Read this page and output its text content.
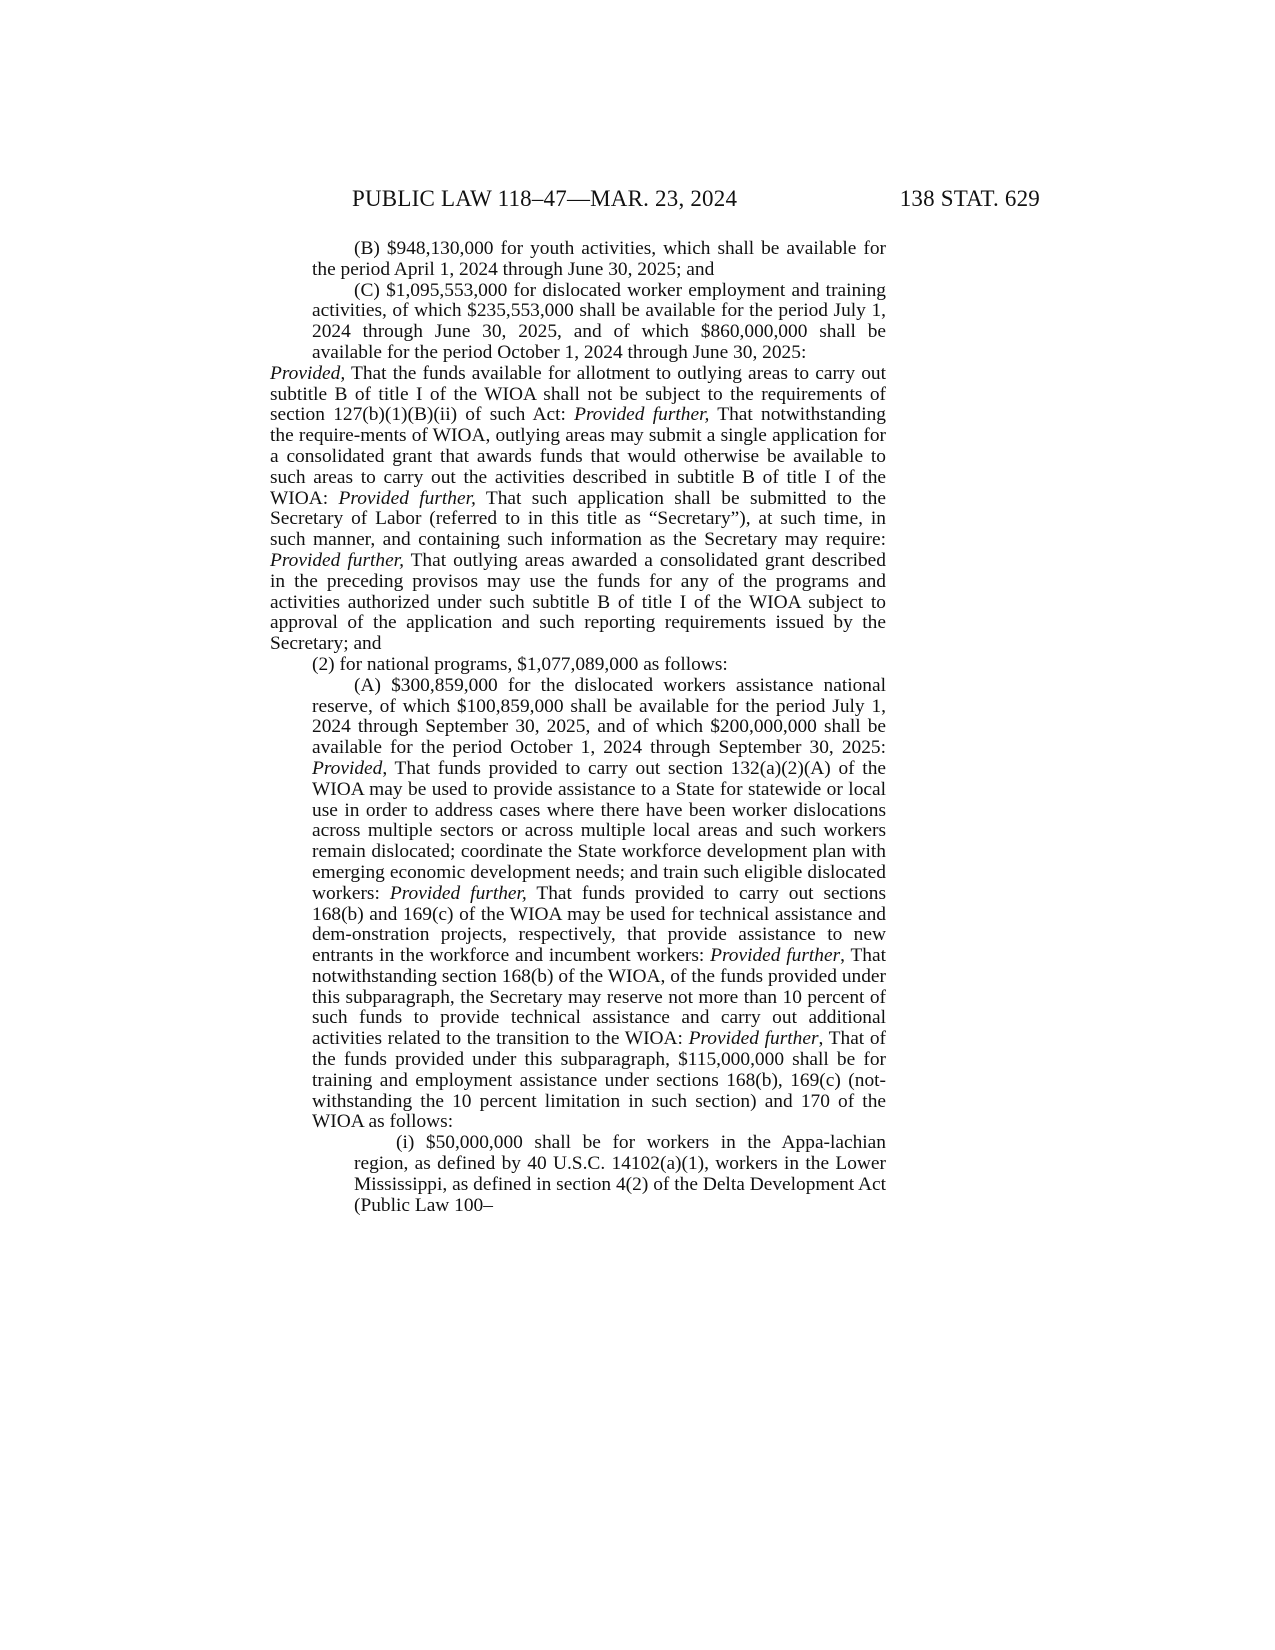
PUBLIC LAW 118–47—MAR. 23, 2024	138 STAT. 629

(B) $948,130,000 for youth activities, which shall be available for the period April 1, 2024 through June 30, 2025; and

(C) $1,095,553,000 for dislocated worker employment and training activities, of which $235,553,000 shall be available for the period July 1, 2024 through June 30, 2025, and of which $860,000,000 shall be available for the period October 1, 2024 through June 30, 2025:

Provided, That the funds available for allotment to outlying areas to carry out subtitle B of title I of the WIOA shall not be subject to the requirements of section 127(b)(1)(B)(ii) of such Act: Provided further, That notwithstanding the require-ments of WIOA, outlying areas may submit a single application for a consolidated grant that awards funds that would otherwise be available to such areas to carry out the activities described in subtitle B of title I of the WIOA: Provided further, That such application shall be submitted to the Secretary of Labor (referred to in this title as “Secretary”), at such time, in such manner, and containing such information as the Secretary may require: Provided further, That outlying areas awarded a consolidated grant described in the preceding provisos may use the funds for any of the programs and activities authorized under such subtitle B of title I of the WIOA subject to approval of the application and such reporting requirements issued by the Secretary; and

(2) for national programs, $1,077,089,000 as follows:

(A) $300,859,000 for the dislocated workers assistance national reserve, of which $100,859,000 shall be available for the period July 1, 2024 through September 30, 2025, and of which $200,000,000 shall be available for the period October 1, 2024 through September 30, 2025: Provided, That funds provided to carry out section 132(a)(2)(A) of the WIOA may be used to provide assistance to a State for statewide or local use in order to address cases where there have been worker dislocations across multiple sectors or across multiple local areas and such workers remain dislocated; coordinate the State workforce development plan with emerging economic development needs; and train such eligible dislocated workers: Provided further, That funds provided to carry out sections 168(b) and 169(c) of the WIOA may be used for technical assistance and dem-onstration projects, respectively, that provide assistance to new entrants in the workforce and incumbent workers: Provided further, That notwithstanding section 168(b) of the WIOA, of the funds provided under this subparagraph, the Secretary may reserve not more than 10 percent of such funds to provide technical assistance and carry out additional activities related to the transition to the WIOA: Provided further, That of the funds provided under this subparagraph, $115,000,000 shall be for training and employment assistance under sections 168(b), 169(c) (not-withstanding the 10 percent limitation in such section) and 170 of the WIOA as follows:

(i) $50,000,000 shall be for workers in the Appa-lachian region, as defined by 40 U.S.C. 14102(a)(1), workers in the Lower Mississippi, as defined in section 4(2) of the Delta Development Act (Public Law 100–
